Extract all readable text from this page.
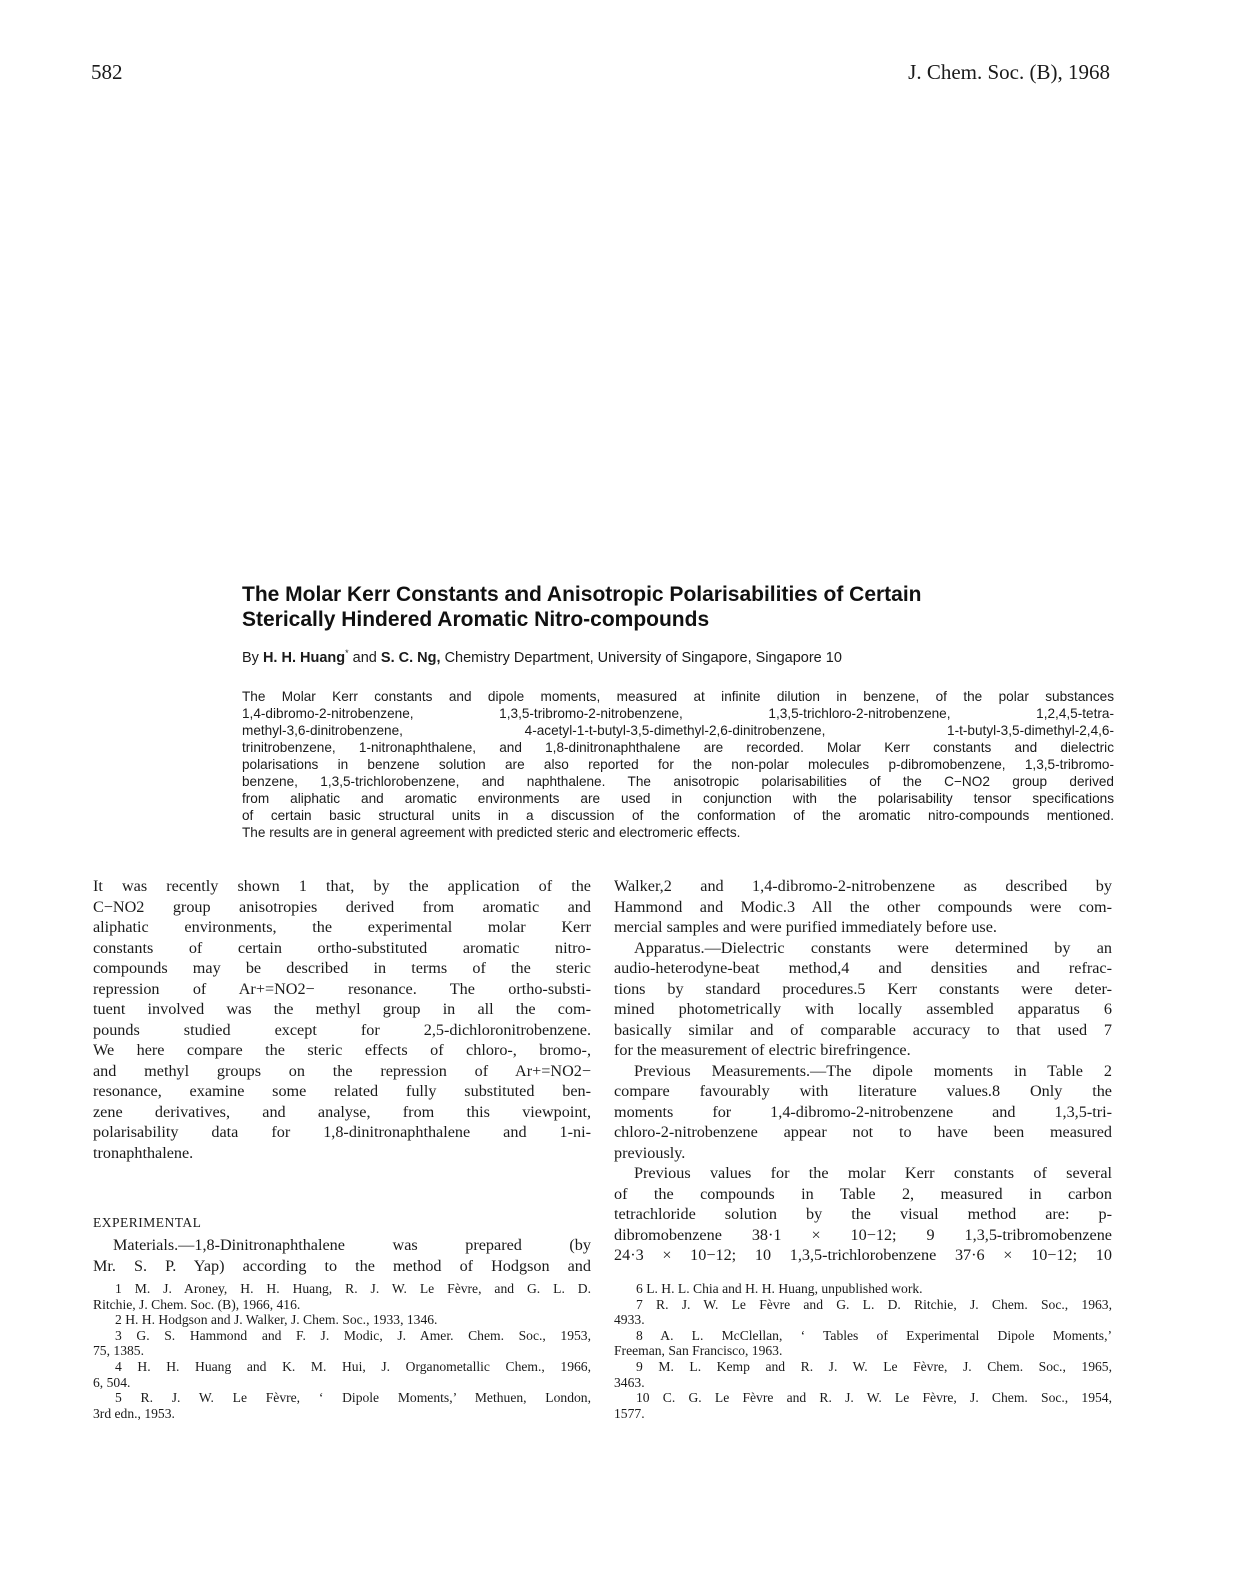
582	J. Chem. Soc. (B), 1968
The Molar Kerr Constants and Anisotropic Polarisabilities of Certain
Sterically Hindered Aromatic Nitro-compounds
By H. H. Huang* and S. C. Ng, Chemistry Department, University of Singapore, Singapore 10
The Molar Kerr constants and dipole moments, measured at infinite dilution in benzene, of the polar substances
1,4-dibromo-2-nitrobenzene, 1,3,5-tribromo-2-nitrobenzene, 1,3,5-trichloro-2-nitrobenzene, 1,2,4,5-tetra-
methyl-3,6-dinitrobenzene, 4-acetyl-1-t-butyl-3,5-dimethyl-2,6-dinitrobenzene, 1-t-butyl-3,5-dimethyl-2,4,6-
trinitrobenzene, 1-nitronaphthalene, and 1,8-dinitronaphthalene are recorded. Molar Kerr constants and dielectric
polarisations in benzene solution are also reported for the non-polar molecules p-dibromobenzene, 1,3,5-tribromo-
benzene, 1,3,5-trichlorobenzene, and naphthalene. The anisotropic polarisabilities of the C−NO2 group derived
from aliphatic and aromatic environments are used in conjunction with the polarisability tensor specifications
of certain basic structural units in a discussion of the conformation of the aromatic nitro-compounds mentioned.
The results are in general agreement with predicted steric and electromeric effects.
It was recently shown 1 that, by the application of the
C−NO2 group anisotropies derived from aromatic and
aliphatic environments, the experimental molar Kerr
constants of certain ortho-substituted aromatic nitro-
compounds may be described in terms of the steric
repression of Ar+=NO2− resonance. The ortho-substi-
tuent involved was the methyl group in all the com-
pounds studied except for 2,5-dichloronitrobenzene.
We here compare the steric effects of chloro-, bromo-,
and methyl groups on the repression of Ar+=NO2−
resonance, examine some related fully substituted ben-
zene derivatives, and analyse, from this viewpoint,
polarisability data for 1,8-dinitronaphthalene and 1-ni-
tronaphthalene.
EXPERIMENTAL
Materials.—1,8-Dinitronaphthalene was prepared (by
Mr. S. P. Yap) according to the method of Hodgson and
Walker,2 and 1,4-dibromo-2-nitrobenzene as described by
Hammond and Modic.3 All the other compounds were com-
mercial samples and were purified immediately before use.
Apparatus.—Dielectric constants were determined by an
audio-heterodyne-beat method,4 and densities and refrac-
tions by standard procedures.5 Kerr constants were deter-
mined photometrically with locally assembled apparatus 6
basically similar and of comparable accuracy to that used 7
for the measurement of electric birefringence.
Previous Measurements.—The dipole moments in Table 2
compare favourably with literature values.8 Only the
moments for 1,4-dibromo-2-nitrobenzene and 1,3,5-tri-
chloro-2-nitrobenzene appear not to have been measured
previously.
Previous values for the molar Kerr constants of several
of the compounds in Table 2, measured in carbon
tetrachloride solution by the visual method are: p-
dibromobenzene 38·1 × 10−12; 9 1,3,5-tribromobenzene
24·3 × 10−12; 10 1,3,5-trichlorobenzene 37·6 × 10−12; 10
1 M. J. Aroney, H. H. Huang, R. J. W. Le Fèvre, and G. L. D.
Ritchie, J. Chem. Soc. (B), 1966, 416.
2 H. H. Hodgson and J. Walker, J. Chem. Soc., 1933, 1346.
3 G. S. Hammond and F. J. Modic, J. Amer. Chem. Soc., 1953,
75, 1385.
4 H. H. Huang and K. M. Hui, J. Organometallic Chem., 1966,
6, 504.
5 R. J. W. Le Fèvre, ‘ Dipole Moments,’ Methuen, London,
3rd edn., 1953.
6 L. H. L. Chia and H. H. Huang, unpublished work.
7 R. J. W. Le Fèvre and G. L. D. Ritchie, J. Chem. Soc., 1963,
4933.
8 A. L. McClellan, ‘ Tables of Experimental Dipole Moments,’
Freeman, San Francisco, 1963.
9 M. L. Kemp and R. J. W. Le Fèvre, J. Chem. Soc., 1965,
3463.
10 C. G. Le Fèvre and R. J. W. Le Fèvre, J. Chem. Soc., 1954,
1577.
